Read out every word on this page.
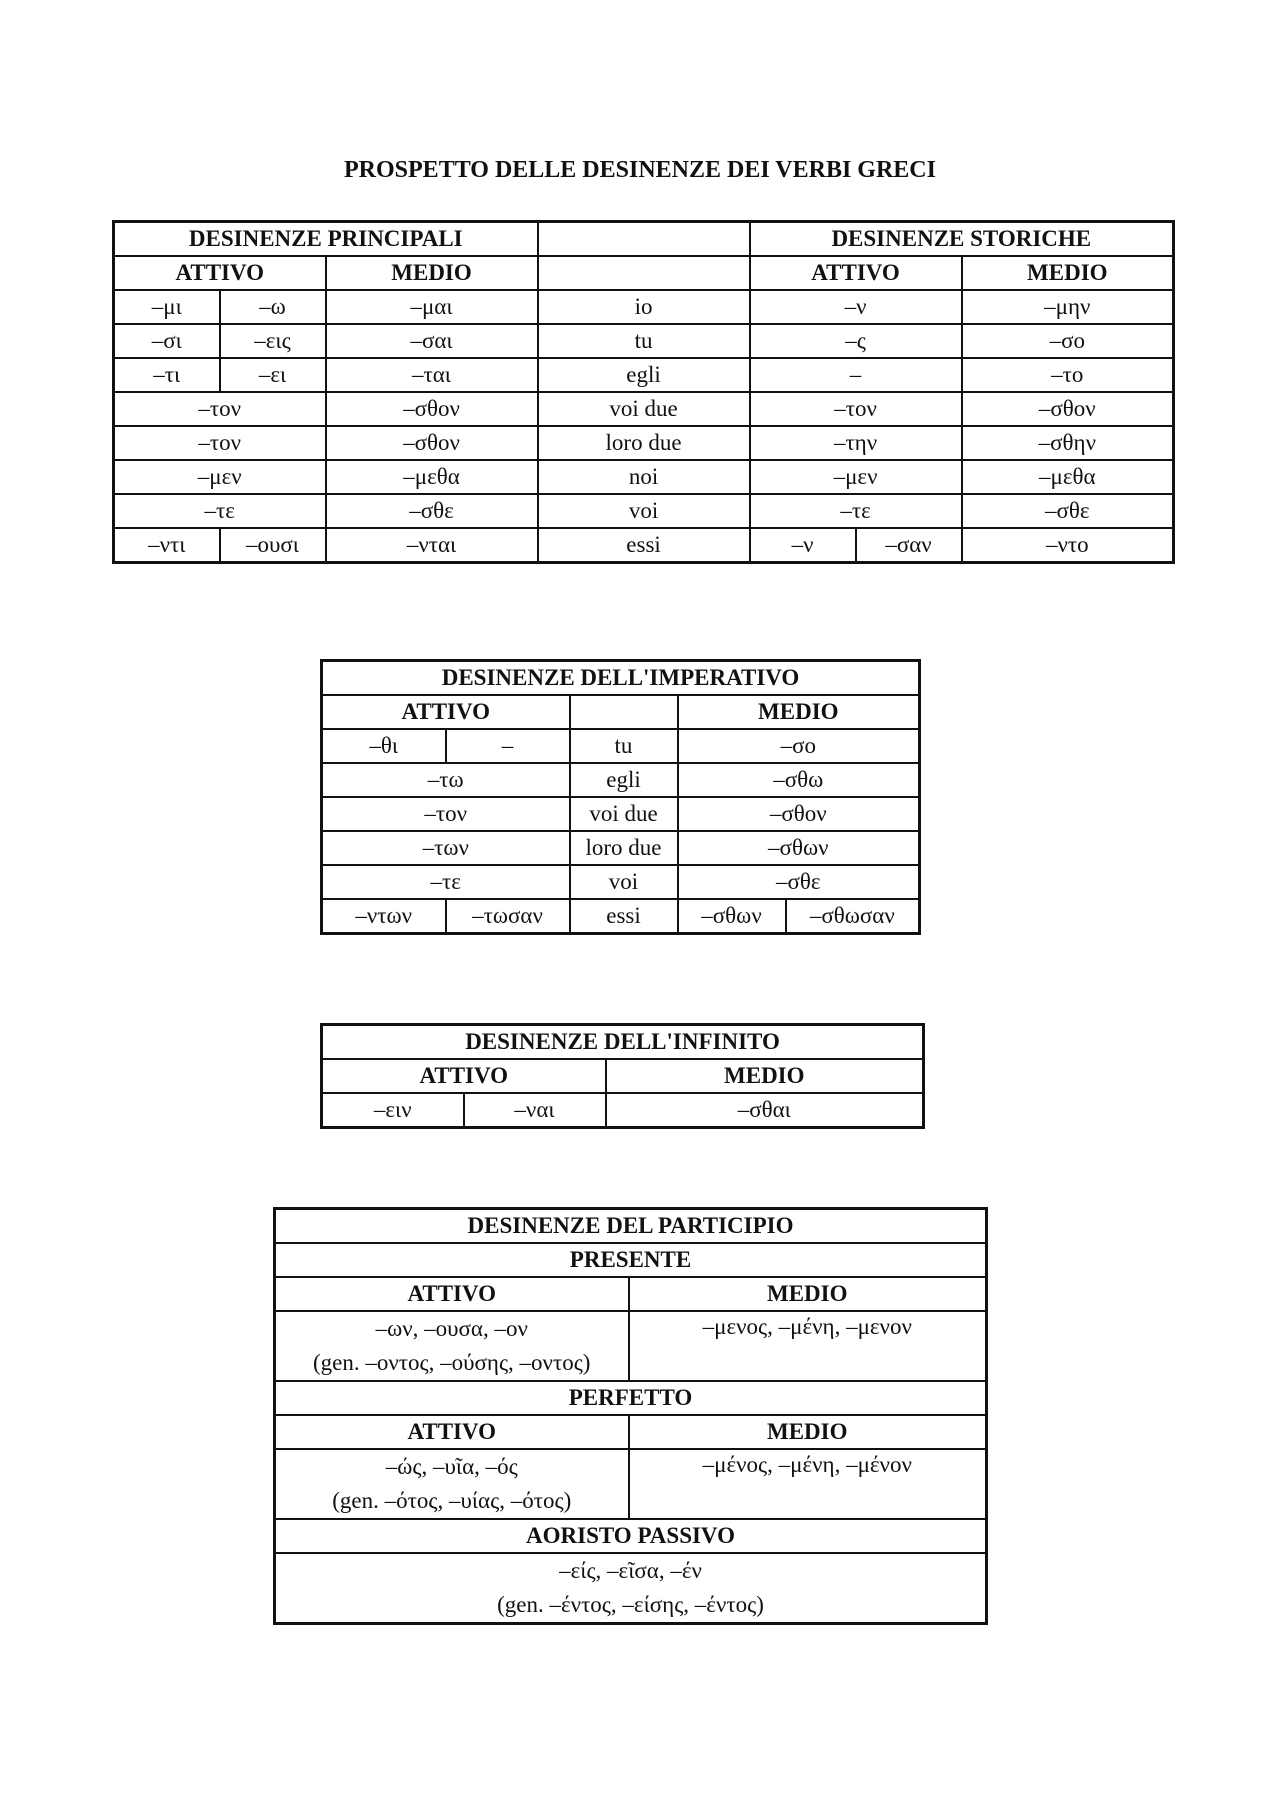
PROSPETTO DELLE DESINENZE DEI VERBI GRECI
DESINENZE PRINCIPALI				DESINENZE STORICHE		
ATTIVO		MEDIO		ATTIVO		MEDIO
–μι	–ω	–μαι	io	–ν		–μην
–σι	–εις	–σαι	tu	–ς		–σο
–τι	–ει	–ται	egli	–		–το
–τον		–σθον	voi due	–τον		–σθον
–τον		–σθον	loro due	–την		–σθην
–μεν		–μεθα	noi	–μεν		–μεθα
–τε		–σθε	voi	–τε		–σθε
–ντι	–ουσι	–νται	essi	–ν	–σαν	–ντο
DESINENZE DELL'IMPERATIVO				
ATTIVO			MEDIO	
–θι	–	tu	–σο	
–τω		egli	–σθω	
–τον		voi due	–σθον	
–των		loro due	–σθων	
–τε		voi	–σθε	
–ντων	–τωσαν	essi	–σθων	–σθωσαν
DESINENZE DELL'INFINITO		
ATTIVO		MEDIO
–ειν	–ναι	–σθαι
DESINENZE DEL PARTICIPIO	
PRESENTE	
ATTIVO	MEDIO

–ων, –ουσα, –ον
(gen. –οντος, –ούσης, –οντος)	–μενος, –μένη, –μενον

PERFETTO	
ATTIVO	MEDIO

–ώς, –υῖα, –ός
(gen. –ότος, –υίας, –ότος)	–μένος, –μένη, –μένον

AORISTO PASSIVO	

–είς, –εῖσα, –έν
(gen. –έντος, –είσης, –έντος)	
